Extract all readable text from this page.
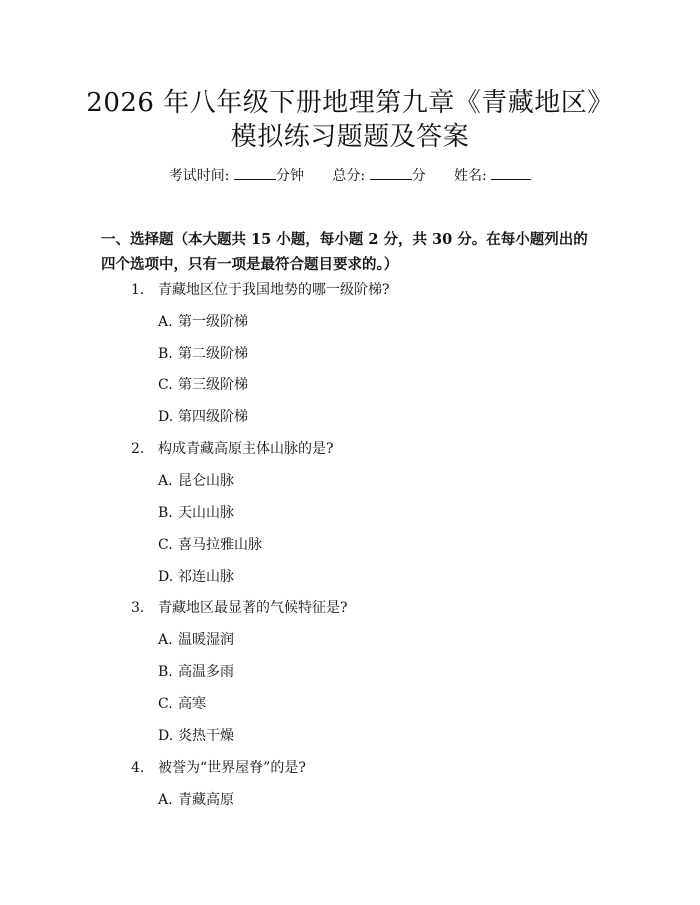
2026 年八年级下册地理第九章《青藏地区》
模拟练习题题及答案
考试时间:	分钟 总分:	分 姓名:
一、选择题（本大题共 15 小题，每小题 2 分，共 30 分。在每小题列出的四个选项中，只有一项是最符合题目要求的。）
1. 青藏地区位于我国地势的哪一级阶梯?
A. 第一级阶梯
B. 第二级阶梯
C. 第三级阶梯
D. 第四级阶梯
2. 构成青藏高原主体山脉的是?
A. 昆仑山脉
B. 天山山脉
C. 喜马拉雅山脉
D. 祁连山脉
3. 青藏地区最显著的气候特征是?
A. 温暖湿润
B. 高温多雨
C. 高寒
D. 炎热干燥
4. 被誉为“世界屋脊”的是?
A. 青藏高原
